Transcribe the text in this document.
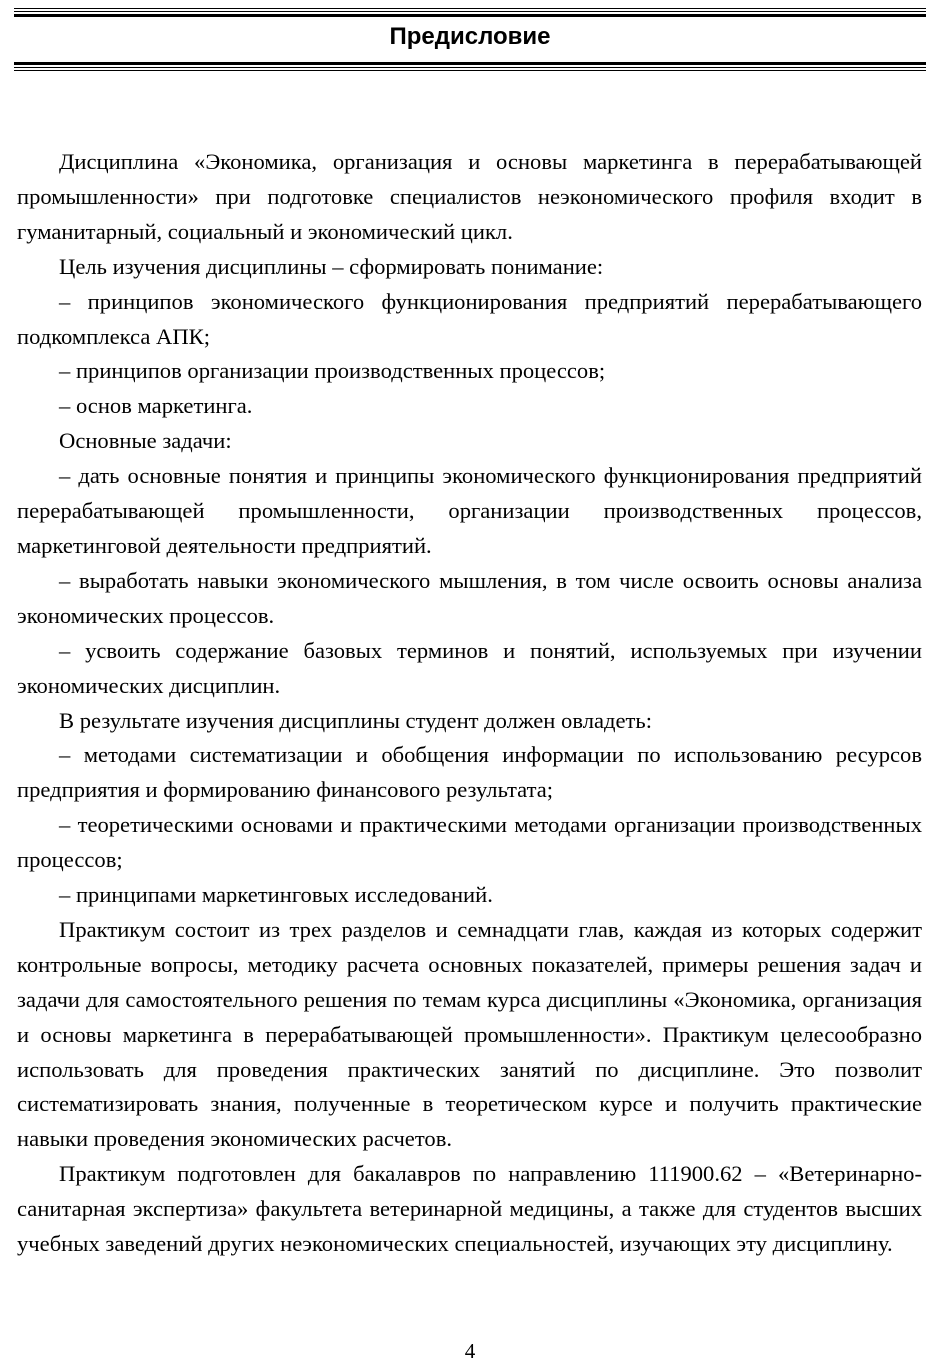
Предисловие

Дисциплина «Экономика, организация и основы маркетинга в перерабатывающей промышленности» при подготовке специалистов неэкономического профиля входит в гуманитарный, социальный и экономический цикл.

Цель изучения дисциплины – сформировать понимание:

– принципов экономического функционирования предприятий перерабатывающего подкомплекса АПК;

– принципов организации производственных процессов;

– основ маркетинга.

Основные задачи:

– дать основные понятия и принципы экономического функционирования предприятий перерабатывающей промышленности, организации производственных процессов, маркетинговой деятельности предприятий.

– выработать навыки экономического мышления, в том числе освоить основы анализа экономических процессов.

– усвоить содержание базовых терминов и понятий, используемых при изучении экономических дисциплин.

В результате изучения дисциплины студент должен овладеть:

– методами систематизации и обобщения информации по использованию ресурсов предприятия и формированию финансового результата;

– теоретическими основами и практическими методами организации производственных процессов;

– принципами маркетинговых исследований.

Практикум состоит из трех разделов и семнадцати глав, каждая из которых содержит контрольные вопросы, методику расчета основных показателей, примеры решения задач и задачи для самостоятельного решения по темам курса дисциплины «Экономика, организация и основы маркетинга в перерабатывающей промышленности». Практикум целесообразно использовать для проведения практических занятий по дисциплине. Это позволит систематизировать знания, полученные в теоретическом курсе и получить практические навыки проведения экономических расчетов.

Практикум подготовлен для бакалавров по направлению 111900.62 – «Ветеринарно-санитарная экспертиза» факультета ветеринарной медицины, а также для студентов высших учебных заведений других неэкономических специальностей, изучающих эту дисциплину.

4
